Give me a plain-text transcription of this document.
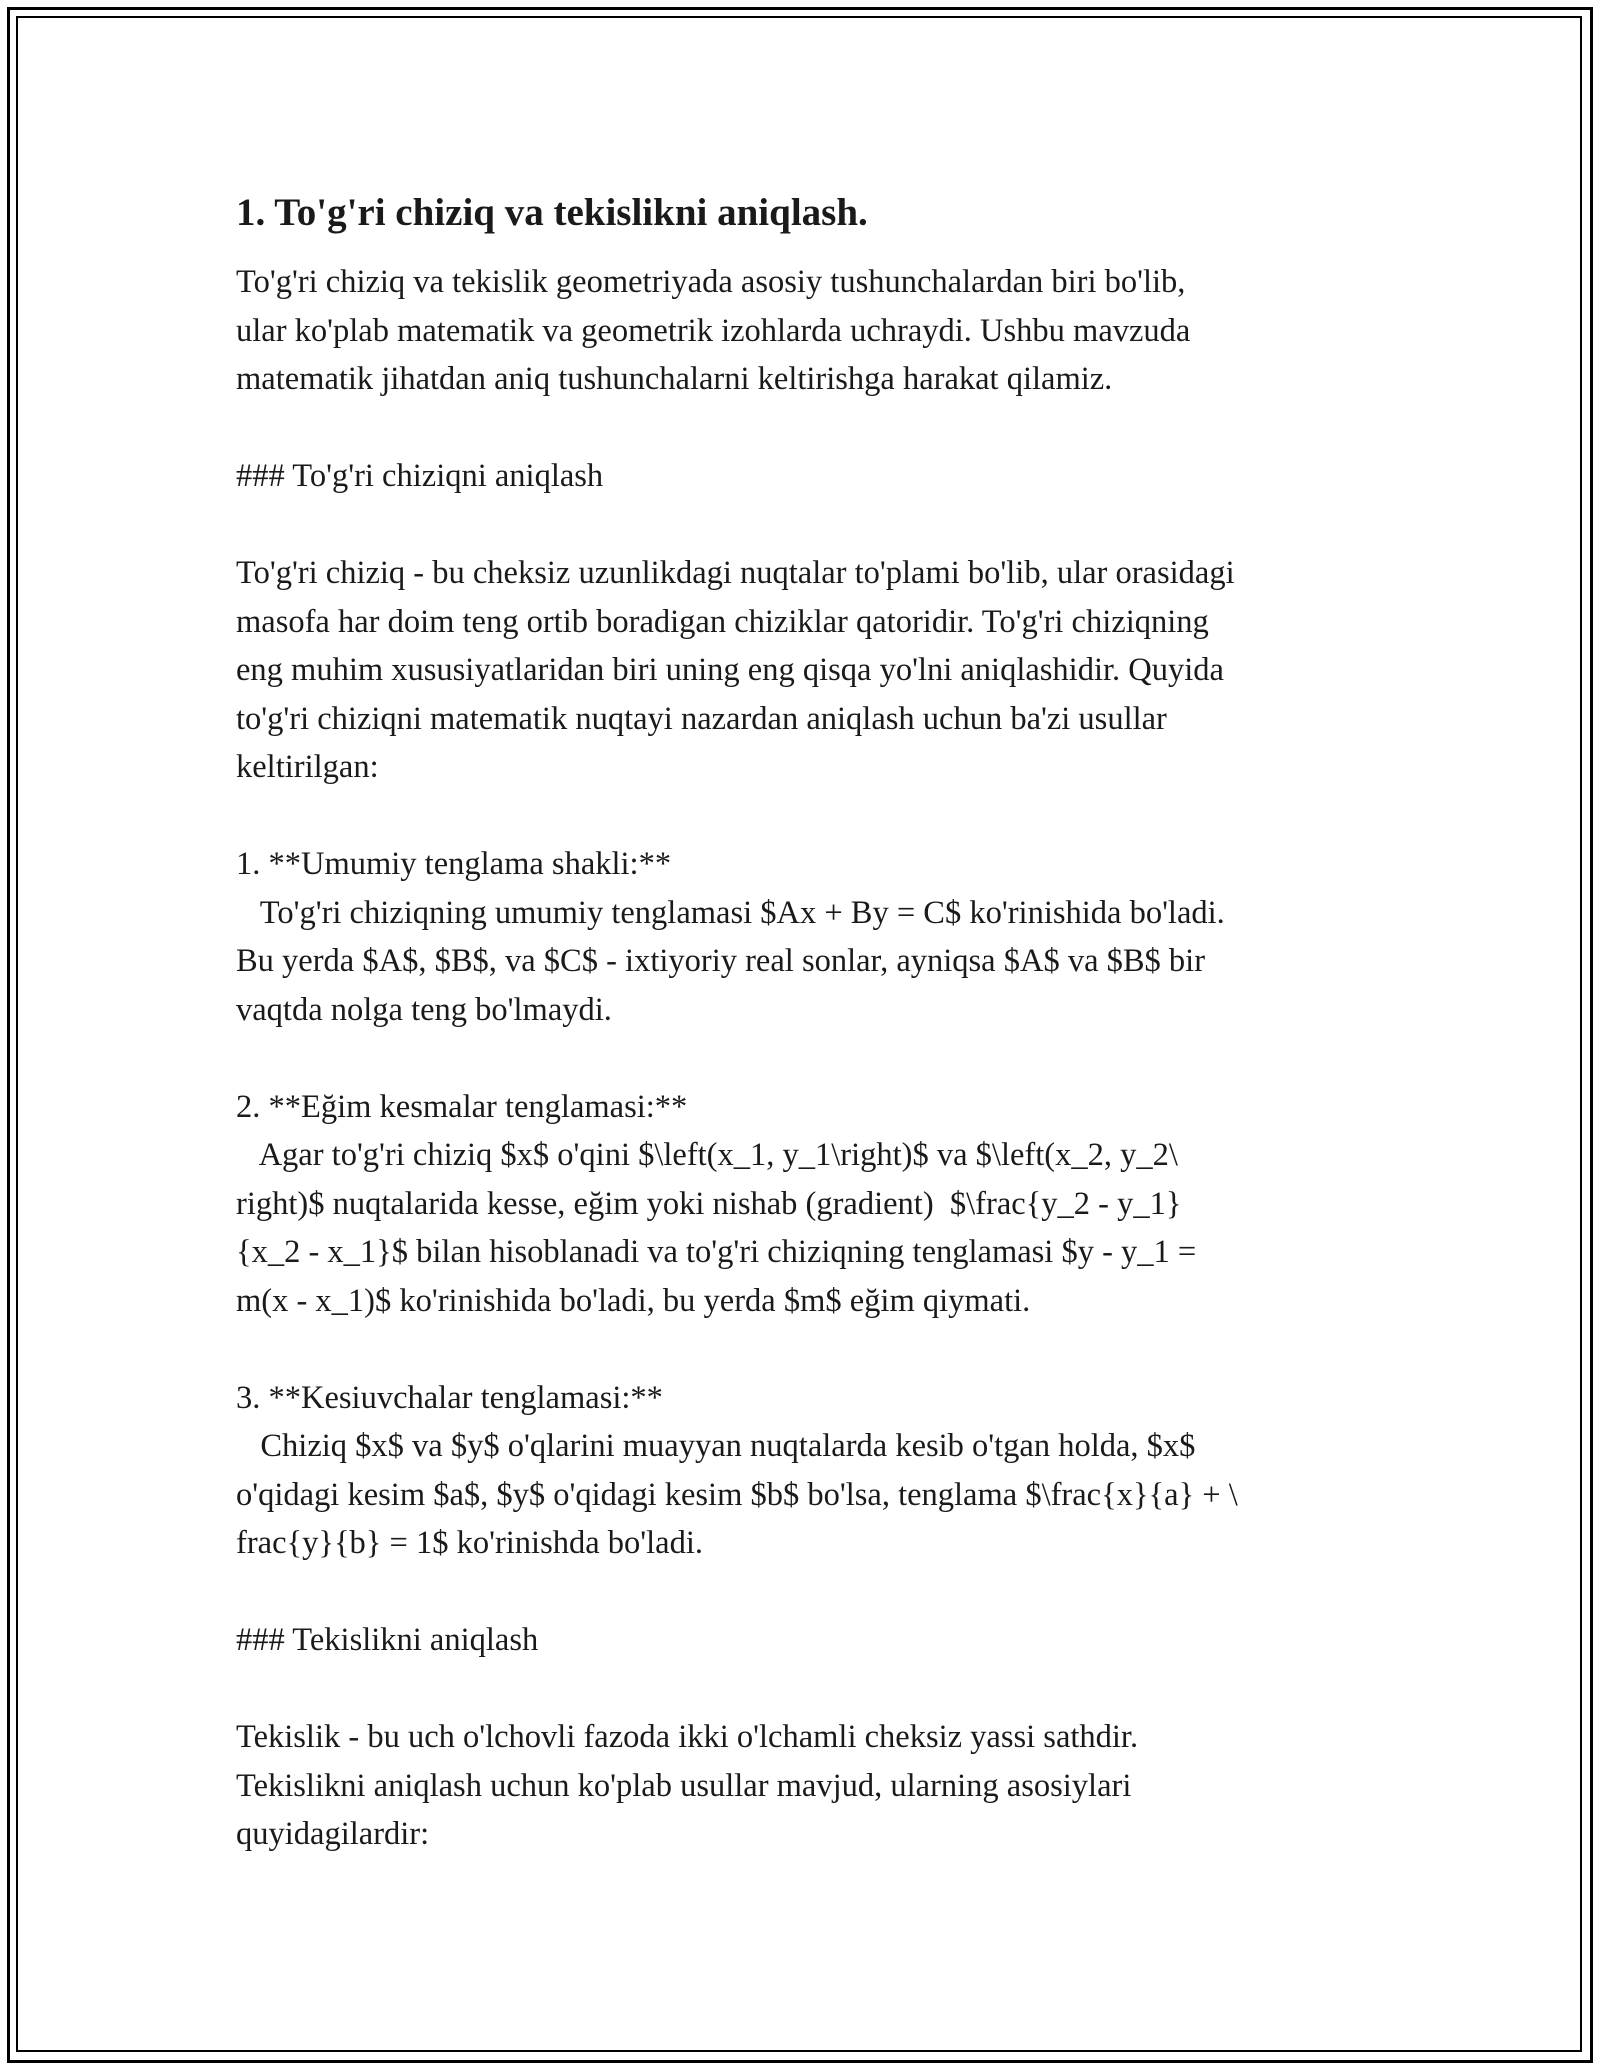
1. To'g'ri chiziq va tekislikni aniqlash.

To'g'ri chiziq va tekislik geometriyada asosiy tushunchalardan biri bo'lib,
ular ko'plab matematik va geometrik izohlarda uchraydi. Ushbu mavzuda
matematik jihatdan aniq tushunchalarni keltirishga harakat qilamiz.

### To'g'ri chiziqni aniqlash

To'g'ri chiziq - bu cheksiz uzunlikdagi nuqtalar to'plami bo'lib, ular orasidagi
masofa har doim teng ortib boradigan chiziklar qatoridir. To'g'ri chiziqning
eng muhim xususiyatlaridan biri uning eng qisqa yo'lni aniqlashidir. Quyida
to'g'ri chiziqni matematik nuqtayi nazardan aniqlash uchun ba'zi usullar
keltirilgan:

1. **Umumiy tenglama shakli:**
To'g'ri chiziqning umumiy tenglamasi $Ax + By = C$ ko'rinishida bo'ladi.
Bu yerda $A$, $B$, va $C$ - ixtiyoriy real sonlar, ayniqsa $A$ va $B$ bir
vaqtda nolga teng bo'lmaydi.

2. **Eğim kesmalar tenglamasi:**
Agar to'g'ri chiziq $x$ o'qini $\left(x_1, y_1\right)$ va $\left(x_2, y_2\
right)$ nuqtalarida kesse, eğim yoki nishab (gradient)  $\frac{y_2 - y_1}
{x_2 - x_1}$ bilan hisoblanadi va to'g'ri chiziqning tenglamasi $y - y_1 =
m(x - x_1)$ ko'rinishida bo'ladi, bu yerda $m$ eğim qiymati.

3. **Kesiuvchalar tenglamasi:**
Chiziq $x$ va $y$ o'qlarini muayyan nuqtalarda kesib o'tgan holda, $x$
o'qidagi kesim $a$, $y$ o'qidagi kesim $b$ bo'lsa, tenglama $\frac{x}{a} + \
frac{y}{b} = 1$ ko'rinishda bo'ladi.

### Tekislikni aniqlash

Tekislik - bu uch o'lchovli fazoda ikki o'lchamli cheksiz yassi sathdir.
Tekislikni aniqlash uchun ko'plab usullar mavjud, ularning asosiylari
quyidagilardir:
